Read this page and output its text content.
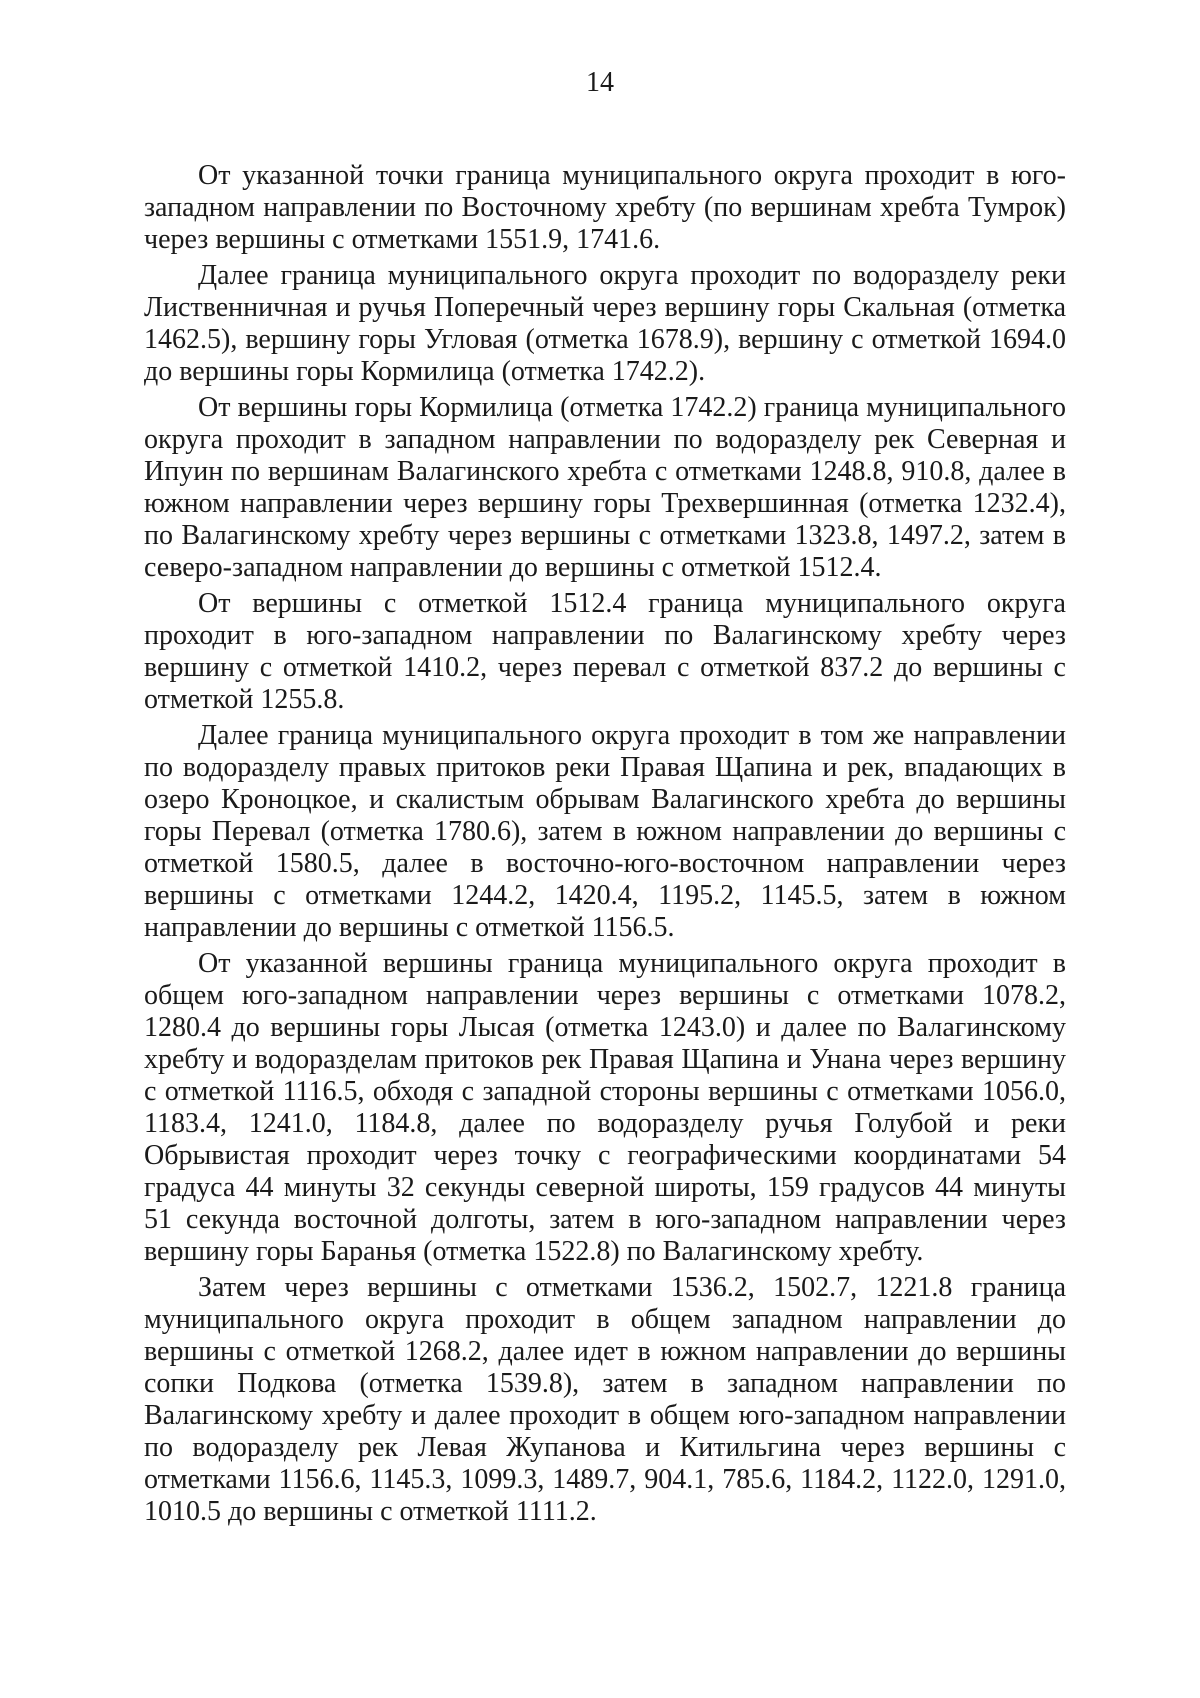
14

От указанной точки граница муниципального округа проходит в юго-западном направлении по Восточному хребту (по вершинам хребта Тумрок) через вершины с отметками 1551.9, 1741.6.

Далее граница муниципального округа проходит по водоразделу реки Лиственничная и ручья Поперечный через вершину горы Скальная (отметка 1462.5), вершину горы Угловая (отметка 1678.9), вершину с отметкой 1694.0 до вершины горы Кормилица (отметка 1742.2).

От вершины горы Кормилица (отметка 1742.2) граница муниципального округа проходит в западном направлении по водоразделу рек Северная и Ипуин по вершинам Валагинского хребта с отметками 1248.8, 910.8, далее в южном направлении через вершину горы Трехвершинная (отметка 1232.4), по Валагинскому хребту через вершины с отметками 1323.8, 1497.2, затем в северо-западном направлении до вершины с отметкой 1512.4.

От вершины с отметкой 1512.4 граница муниципального округа проходит в юго-западном направлении по Валагинскому хребту через вершину с отметкой 1410.2, через перевал с отметкой 837.2 до вершины с отметкой 1255.8.

Далее граница муниципального округа проходит в том же направлении по водоразделу правых притоков реки Правая Щапина и рек, впадающих в озеро Кроноцкое, и скалистым обрывам Валагинского хребта до вершины горы Перевал (отметка 1780.6), затем в южном направлении до вершины с отметкой 1580.5, далее в восточно-юго-восточном направлении через вершины с отметками 1244.2, 1420.4, 1195.2, 1145.5, затем в южном направлении до вершины с отметкой 1156.5.

От указанной вершины граница муниципального округа проходит в общем юго-западном направлении через вершины с отметками 1078.2, 1280.4 до вершины горы Лысая (отметка 1243.0) и далее по Валагинскому хребту и водоразделам притоков рек Правая Щапина и Унана через вершину с отметкой 1116.5, обходя с западной стороны вершины с отметками 1056.0, 1183.4, 1241.0, 1184.8, далее по водоразделу ручья Голубой и реки Обрывистая проходит через точку с географическими координатами 54 градуса 44 минуты 32 секунды северной широты, 159 градусов 44 минуты 51 секунда восточной долготы, затем в юго-западном направлении через вершину горы Баранья (отметка 1522.8) по Валагинскому хребту.

Затем через вершины с отметками 1536.2, 1502.7, 1221.8 граница муниципального округа проходит в общем западном направлении до вершины с отметкой 1268.2, далее идет в южном направлении до вершины сопки Подкова (отметка 1539.8), затем в западном направлении по Валагинскому хребту и далее проходит в общем юго-западном направлении по водоразделу рек Левая Жупанова и Китильгина через вершины с отметками 1156.6, 1145.3, 1099.3, 1489.7, 904.1, 785.6, 1184.2, 1122.0, 1291.0, 1010.5 до вершины с отметкой 1111.2.
